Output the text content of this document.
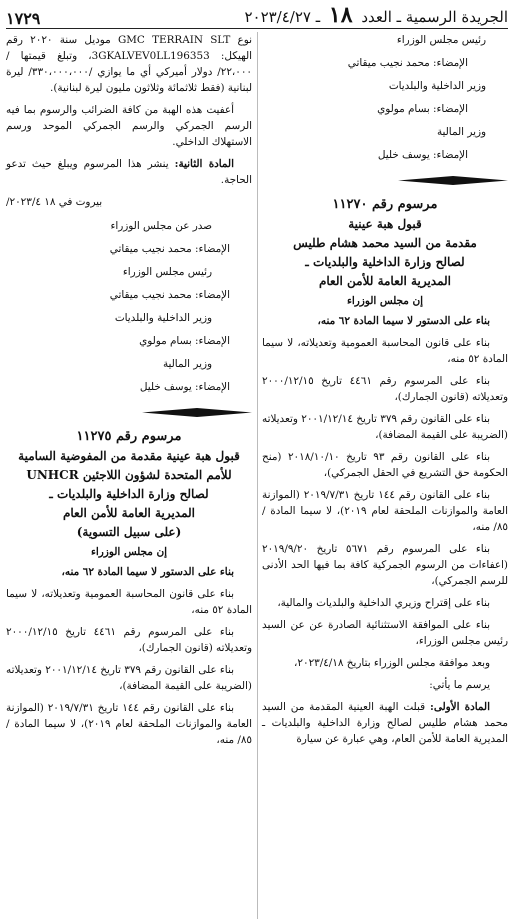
الجريدة الرسمية ـ العدد ١٨ ـ ٢٠٢٣/٤/٢٧
١٧٢٩
رئيس مجلس الوزراء
الإمضاء: محمد نجيب ميقاتي
وزير الداخلية والبلديات
الإمضاء: بسام مولوي
وزير المالية
الإمضاء: يوسف خليل
مرسوم رقم ١١٢٧٠
قبول هبة عينية
مقدمة من السيد محمد هشام طليس
لصالح وزارة الداخلية والبلديات ـ
المديرية العامة للأمن العام
إن مجلس الوزراء

بناء على الدستور لا سيما المادة ٦٢ منه،

بناء على قانون المحاسبة العمومية وتعديلاته، لا سيما المادة ٥٢ منه،

بناء على المرسوم رقم ٤٤٦١ تاريخ ٢٠٠٠/١٢/١٥ وتعديلاته (قانون الجمارك)،

بناء على القانون رقم ٣٧٩ تاريخ ٢٠٠١/١٢/١٤ وتعديلاته (الضريبة على القيمة المضافة)،

بناء على القانون رقم ٩٣ تاريخ ٢٠١٨/١٠/١٠ (منح الحكومة حق التشريع في الحقل الجمركي)،

بناء على القانون رقم ١٤٤ تاريخ ٢٠١٩/٧/٣١ (الموازنة العامة والموازنات الملحقة لعام ٢٠١٩)، لا سيما المادة /٨٥/ منه،

بناء على المرسوم رقم ٥٦٧١ تاريخ ٢٠١٩/٩/٢٠ (اعفاءات من الرسوم الجمركية كافة بما فيها الحد الأدنى للرسم الجمركي)،

بناء على إقتراح وزيري الداخلية والبلديات والمالية،

بناء على الموافقة الاستثنائية الصادرة عن عن السيد رئيس مجلس الوزراء،

وبعد موافقة مجلس الوزراء بتاريخ ٢٠٢٣/٤/١٨،

يرسم ما يأتي:

المادة الأولى: قبلت الهبة العينية المقدمة من السيد محمد هشام طليس لصالح وزارة الداخلية والبلديات ـ المديرية العامة للأمن العام، وهي عبارة عن سيارة

نوع GMC TERRAIN SLT موديل سنة ٢٠٢٠ رقم الهيكل: 3GKALVEV0LL196353، وتبلغ قيمتها /٢٢،٠٠٠/ دولار أميركي أي ما يوازي /٣٣٠،٠٠٠،٠٠٠/ ليرة لبنانية (فقط ثلاثمائة وثلاثون مليون ليرة لبنانية).

أعفيت هذه الهبة من كافة الضرائب والرسوم بما فيه الرسم الجمركي والرسم الجمركي الموحد ورسم الاستهلاك الداخلي.

المادة الثانية: ينشر هذا المرسوم ويبلغ حيث تدعو الحاجة.

بيروت في ١٨ ٢٠٢٣/٤/
صدر عن مجلس الوزراء
الإمضاء: محمد نجيب ميقاتي
رئيس مجلس الوزراء
الإمضاء: محمد نجيب ميقاتي
وزير الداخلية والبلديات
الإمضاء: بسام مولوي
وزير المالية
الإمضاء: يوسف خليل
مرسوم رقم ١١٢٧٥
قبول هبة عينية مقدمة من المفوضية السامية
للأمم المتحدة لشؤون اللاجئين UNHCR
لصالح وزارة الداخلية والبلديات ـ
المديرية العامة للأمن العام
(على سبيل التسوية)
إن مجلس الوزراء

بناء على الدستور لا سيما المادة ٦٢ منه،

بناء على قانون المحاسبة العمومية وتعديلاته، لا سيما المادة ٥٢ منه،

بناء على المرسوم رقم ٤٤٦١ تاريخ ٢٠٠٠/١٢/١٥ وتعديلاته (قانون الجمارك)،

بناء على القانون رقم ٣٧٩ تاريخ ٢٠٠١/١٢/١٤ وتعديلاته (الضريبة على القيمة المضافة)،

بناء على القانون رقم ١٤٤ تاريخ ٢٠١٩/٧/٣١ (الموازنة العامة والموازنات الملحقة لعام ٢٠١٩)، لا سيما المادة /٨٥/ منه،
